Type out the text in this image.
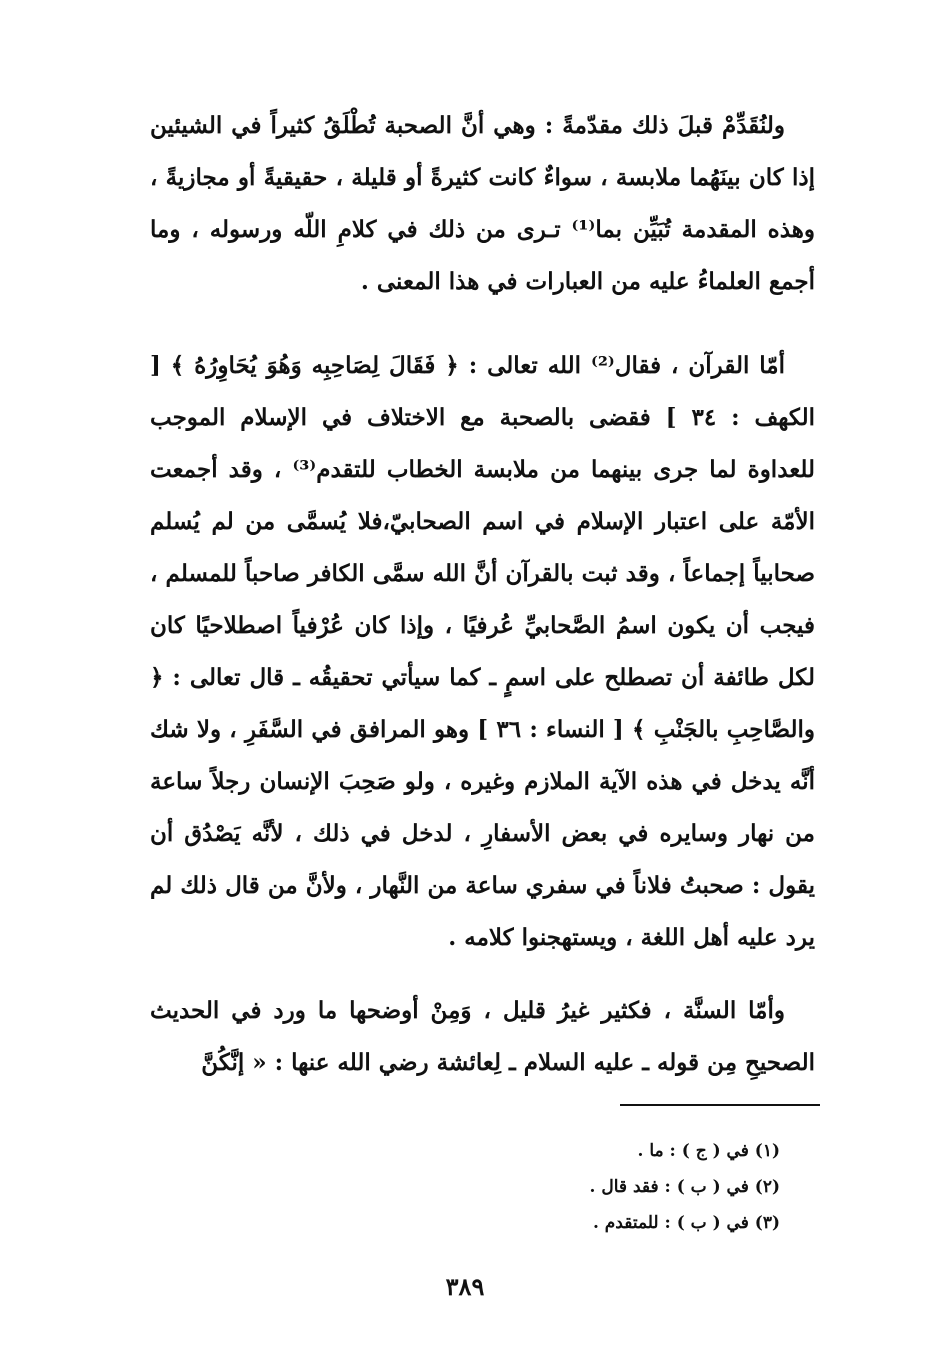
ولنُقَدِّمْ قبلَ ذلك مقدّمةً : وهي أنَّ الصحبة تُطْلَقُ كثيراً في الشيئين إذا كان بينَهُما ملابسة ، سواءٌ كانت كثيرةً أو قليلة ، حقيقيةً أو مجازيةً ، وهذه المقدمة تُبَيِّن بما⁽¹⁾ تـرى من ذلك في كلامِ اللّه ورسوله ، وما أجمع العلماءُ عليه من العبارات في هذا المعنى .

أمّا القرآن ، فقال⁽²⁾ الله تعالى : ﴿ فَقَالَ لِصَاحِبِه وَهُوَ يُحَاوِرُهُ ﴾ [ الكهف : ٣٤ ] فقضى بالصحبة مع الاختلاف في الإسلام الموجب للعداوة لما جرى بينهما من ملابسة الخطاب للتقدم⁽³⁾ ، وقد أجمعت الأمّة على اعتبار الإسلام في اسم الصحابيّ،فلا يُسمَّى من لم يُسلم صحابياً إجماعاً ، وقد ثبت بالقرآن أنَّ الله سمَّى الكافر صاحباً للمسلم ، فيجب أن يكون اسمُ الصَّحابيِّ عُرفيًا ، وإذا كان عُرْفياً اصطلاحيًا كان لكل طائفة أن تصطلح على اسمٍ ـ كما سيأتي تحقيقُه ـ قال تعالى : ﴿ والصَّاحِبِ بالجَنْبِ ﴾ [ النساء : ٣٦ ] وهو المرافق في السَّفَرِ ، ولا شك أنَّه يدخل في هذه الآية الملازم وغيره ، ولو صَحِبَ الإنسان رجلاً ساعة من نهار وسايره في بعض الأسفارِ ، لدخل في ذلك ، لأنَّه يَصْدُق أن يقول : صحبتُ فلاناً في سفري ساعة من النَّهار ، ولأنَّ من قال ذلك لم يرد عليه أهل اللغة ، ويستهجنوا كلامه .

وأمّا السنَّة ، فكثير غيرُ قليل ، وَمِنْ أوضحها ما ورد في الحديث الصحيحِ مِن قوله ـ عليه السلام ـ لِعائشة رضي الله عنها : « إنَّكُنَّ

(١) في ( ج ) : ما .
(٢) في ( ب ) : فقد قال .
(٣) في ( ب ) : للمتقدم .
٣٨٩
